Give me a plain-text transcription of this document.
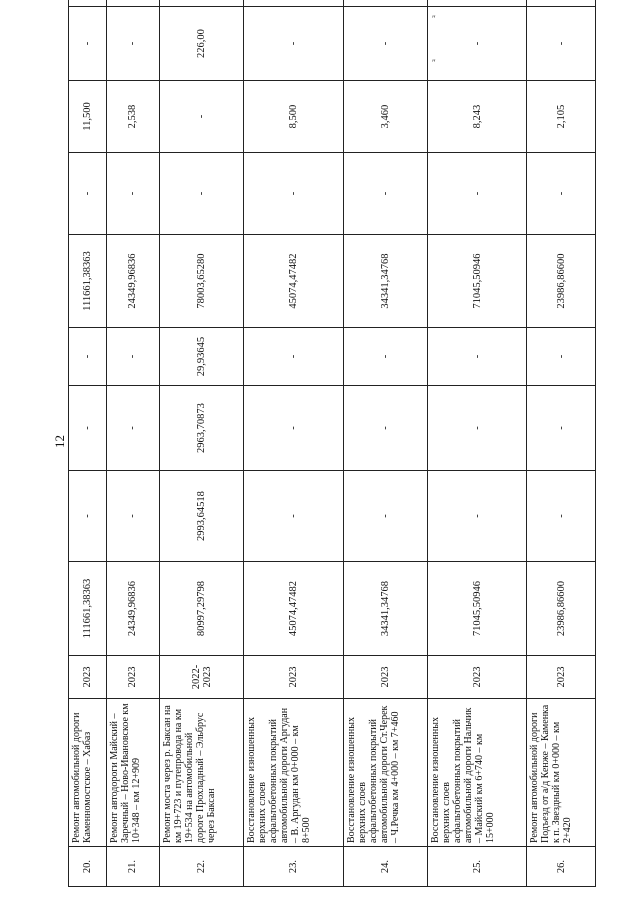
12
″
″
20.	Ремонт автомобильной дороги Каменномостское – Хабаз	2023	111661,38363	-	-	-	111661,38363	-	11,500	-	
21.	Ремонт автодороги Майский – Заречный – Ново-Ивановское км 10+348 – км 12+909	2023	24349,96836	-	-	-	24349,96836	-	2,538	-	
22.	Ремонт моста через р. Баксан на км 19+723 и путепровода на км 19+534 на автомобильной дороге Прохладный – Эльбрус через Баксан	2022-2023	80997,29798	2993,64518	2963,70873	29,93645	78003,65280	-	-	226,00	
23.	Восстановление изношенных верхних слоев асфальтобетонных покрытий автомобильной дороги Аргудан – В. Аргудан км 0+000 – км 8+500	2023	45074,47482	-	-	-	45074,47482	-	8,500	-	
24.	Восстановление изношенных верхних слоев асфальтобетонных покрытий автомобильной дороги Ст.Черек – Ч.Речка км 4+000 – км 7+460	2023	34341,34768	-	-	-	34341,34768	-	3,460	-	
25.	Восстановление изношенных верхних слоев асфальтобетонных покрытий автомобильной дороги Нальчик – Майский км 6+740 – км 15+000	2023	71045,50946	-	-	-	71045,50946	-	8,243	-	
26.	Ремонт автомобильной дороги Подъезд от а/д Кенже – Каменка к п. Звездный км 0+000 – км 2+420	2023	23986,86600	-	-	-	23986,86600	-	2,105	-	
